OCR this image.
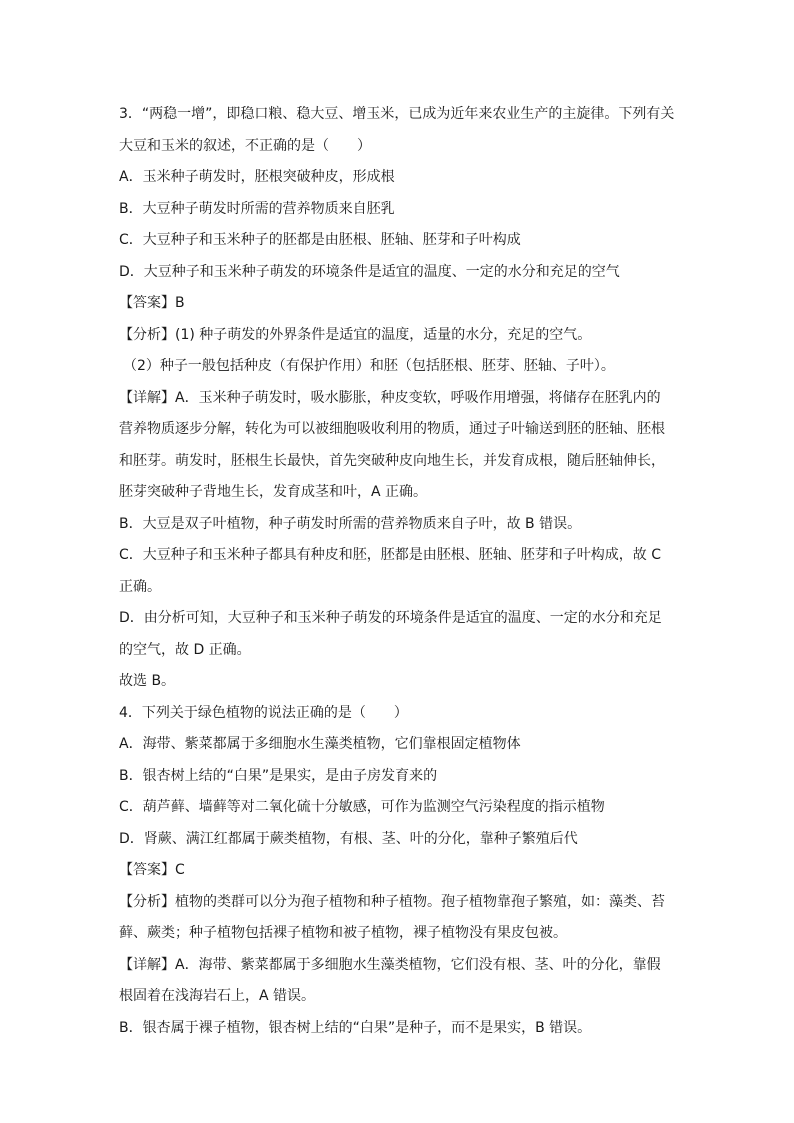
3．“两稳一增”，即稳口粮、稳大豆、增玉米，已成为近年来农业生产的主旋律。下列有关
大豆和玉米的叙述，不正确的是（　　）
A．玉米种子萌发时，胚根突破种皮，形成根
B．大豆种子萌发时所需的营养物质来自胚乳
C．大豆种子和玉米种子的胚都是由胚根、胚轴、胚芽和子叶构成
D．大豆种子和玉米种子萌发的环境条件是适宜的温度、一定的水分和充足的空气
【答案】B
【分析】(1) 种子萌发的外界条件是适宜的温度，适量的水分，充足的空气。
（2）种子一般包括种皮（有保护作用）和胚（包括胚根、胚芽、胚轴、子叶）。
【详解】A．玉米种子萌发时，吸水膨胀，种皮变软，呼吸作用增强，将储存在胚乳内的
营养物质逐步分解，转化为可以被细胞吸收利用的物质，通过子叶输送到胚的胚轴、胚根
和胚芽。萌发时，胚根生长最快，首先突破种皮向地生长，并发育成根，随后胚轴伸长，
胚芽突破种子背地生长，发育成茎和叶，A 正确。
B．大豆是双子叶植物，种子萌发时所需的营养物质来自子叶，故 B 错误。
C．大豆种子和玉米种子都具有种皮和胚，胚都是由胚根、胚轴、胚芽和子叶构成，故 C
正确。
D．由分析可知，大豆种子和玉米种子萌发的环境条件是适宜的温度、一定的水分和充足
的空气，故 D 正确。
故选 B。
4．下列关于绿色植物的说法正确的是（　　）
A．海带、紫菜都属于多细胞水生藻类植物，它们靠根固定植物体
B．银杏树上结的“白果”是果实，是由子房发育来的
C．葫芦藓、墙藓等对二氧化硫十分敏感，可作为监测空气污染程度的指示植物
D．肾蕨、满江红都属于蕨类植物，有根、茎、叶的分化，靠种子繁殖后代
【答案】C
【分析】植物的类群可以分为孢子植物和种子植物。孢子植物靠孢子繁殖，如：藻类、苔
藓、蕨类；种子植物包括裸子植物和被子植物，裸子植物没有果皮包被。
【详解】A．海带、紫菜都属于多细胞水生藻类植物，它们没有根、茎、叶的分化，靠假
根固着在浅海岩石上，A 错误。
B．银杏属于裸子植物，银杏树上结的“白果”是种子，而不是果实，B 错误。
